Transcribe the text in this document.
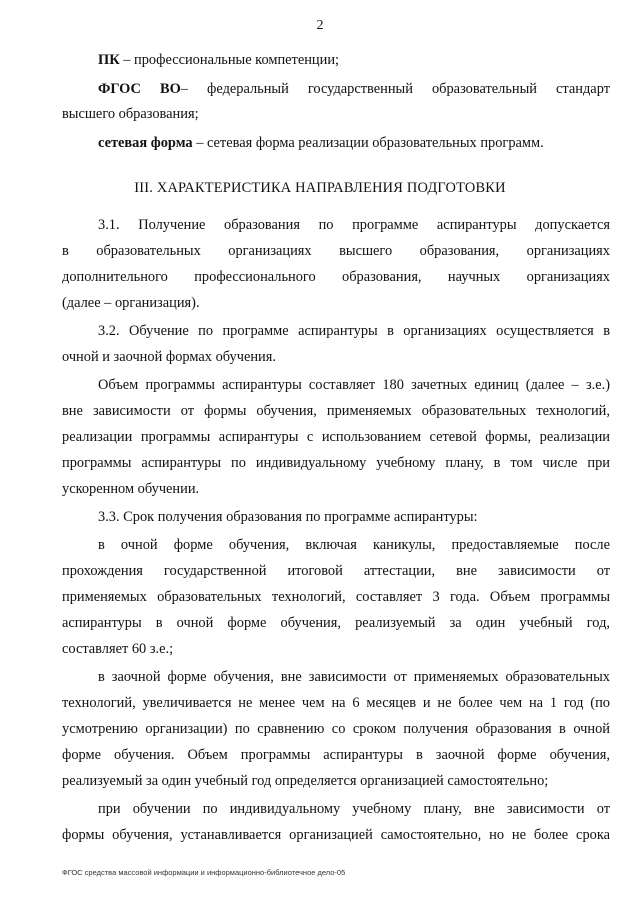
2
ПК – профессиональные компетенции;
ФГОС ВО– федеральный государственный образовательный стандарт
высшего образования;
сетевая форма – сетевая форма реализации образовательных программ.
III. ХАРАКТЕРИСТИКА НАПРАВЛЕНИЯ ПОДГОТОВКИ
3.1. Получение образования по программе аспирантуры допускается
в образовательных организациях высшего образования, организациях
дополнительного профессионального образования, научных организациях
(далее – организация).
3.2. Обучение по программе аспирантуры в организациях осуществляется в
очной и заочной формах обучения.
Объем программы аспирантуры составляет 180 зачетных единиц (далее – з.е.)
вне зависимости от формы обучения, применяемых образовательных технологий,
реализации программы аспирантуры с использованием сетевой формы, реализации
программы аспирантуры по индивидуальному учебному плану, в том числе при
ускоренном обучении.
3.3. Срок получения образования по программе аспирантуры:
в очной форме обучения, включая каникулы, предоставляемые после
прохождения государственной итоговой аттестации, вне зависимости от
применяемых образовательных технологий, составляет 3 года. Объем программы
аспирантуры в очной форме обучения, реализуемый за один учебный год,
составляет 60 з.е.;
в заочной форме обучения, вне зависимости от применяемых образовательных
технологий, увеличивается не менее чем на 6 месяцев и не более чем на 1 год (по
усмотрению организации) по сравнению со сроком получения образования в очной
форме обучения. Объем программы аспирантуры в заочной форме обучения,
реализуемый за один учебный год определяется организацией самостоятельно;
при обучении по индивидуальному учебному плану, вне зависимости от
формы обучения, устанавливается организацией самостоятельно, но не более срока
ФГОС средства массовой информации и информационно-библиотечное дело-05
